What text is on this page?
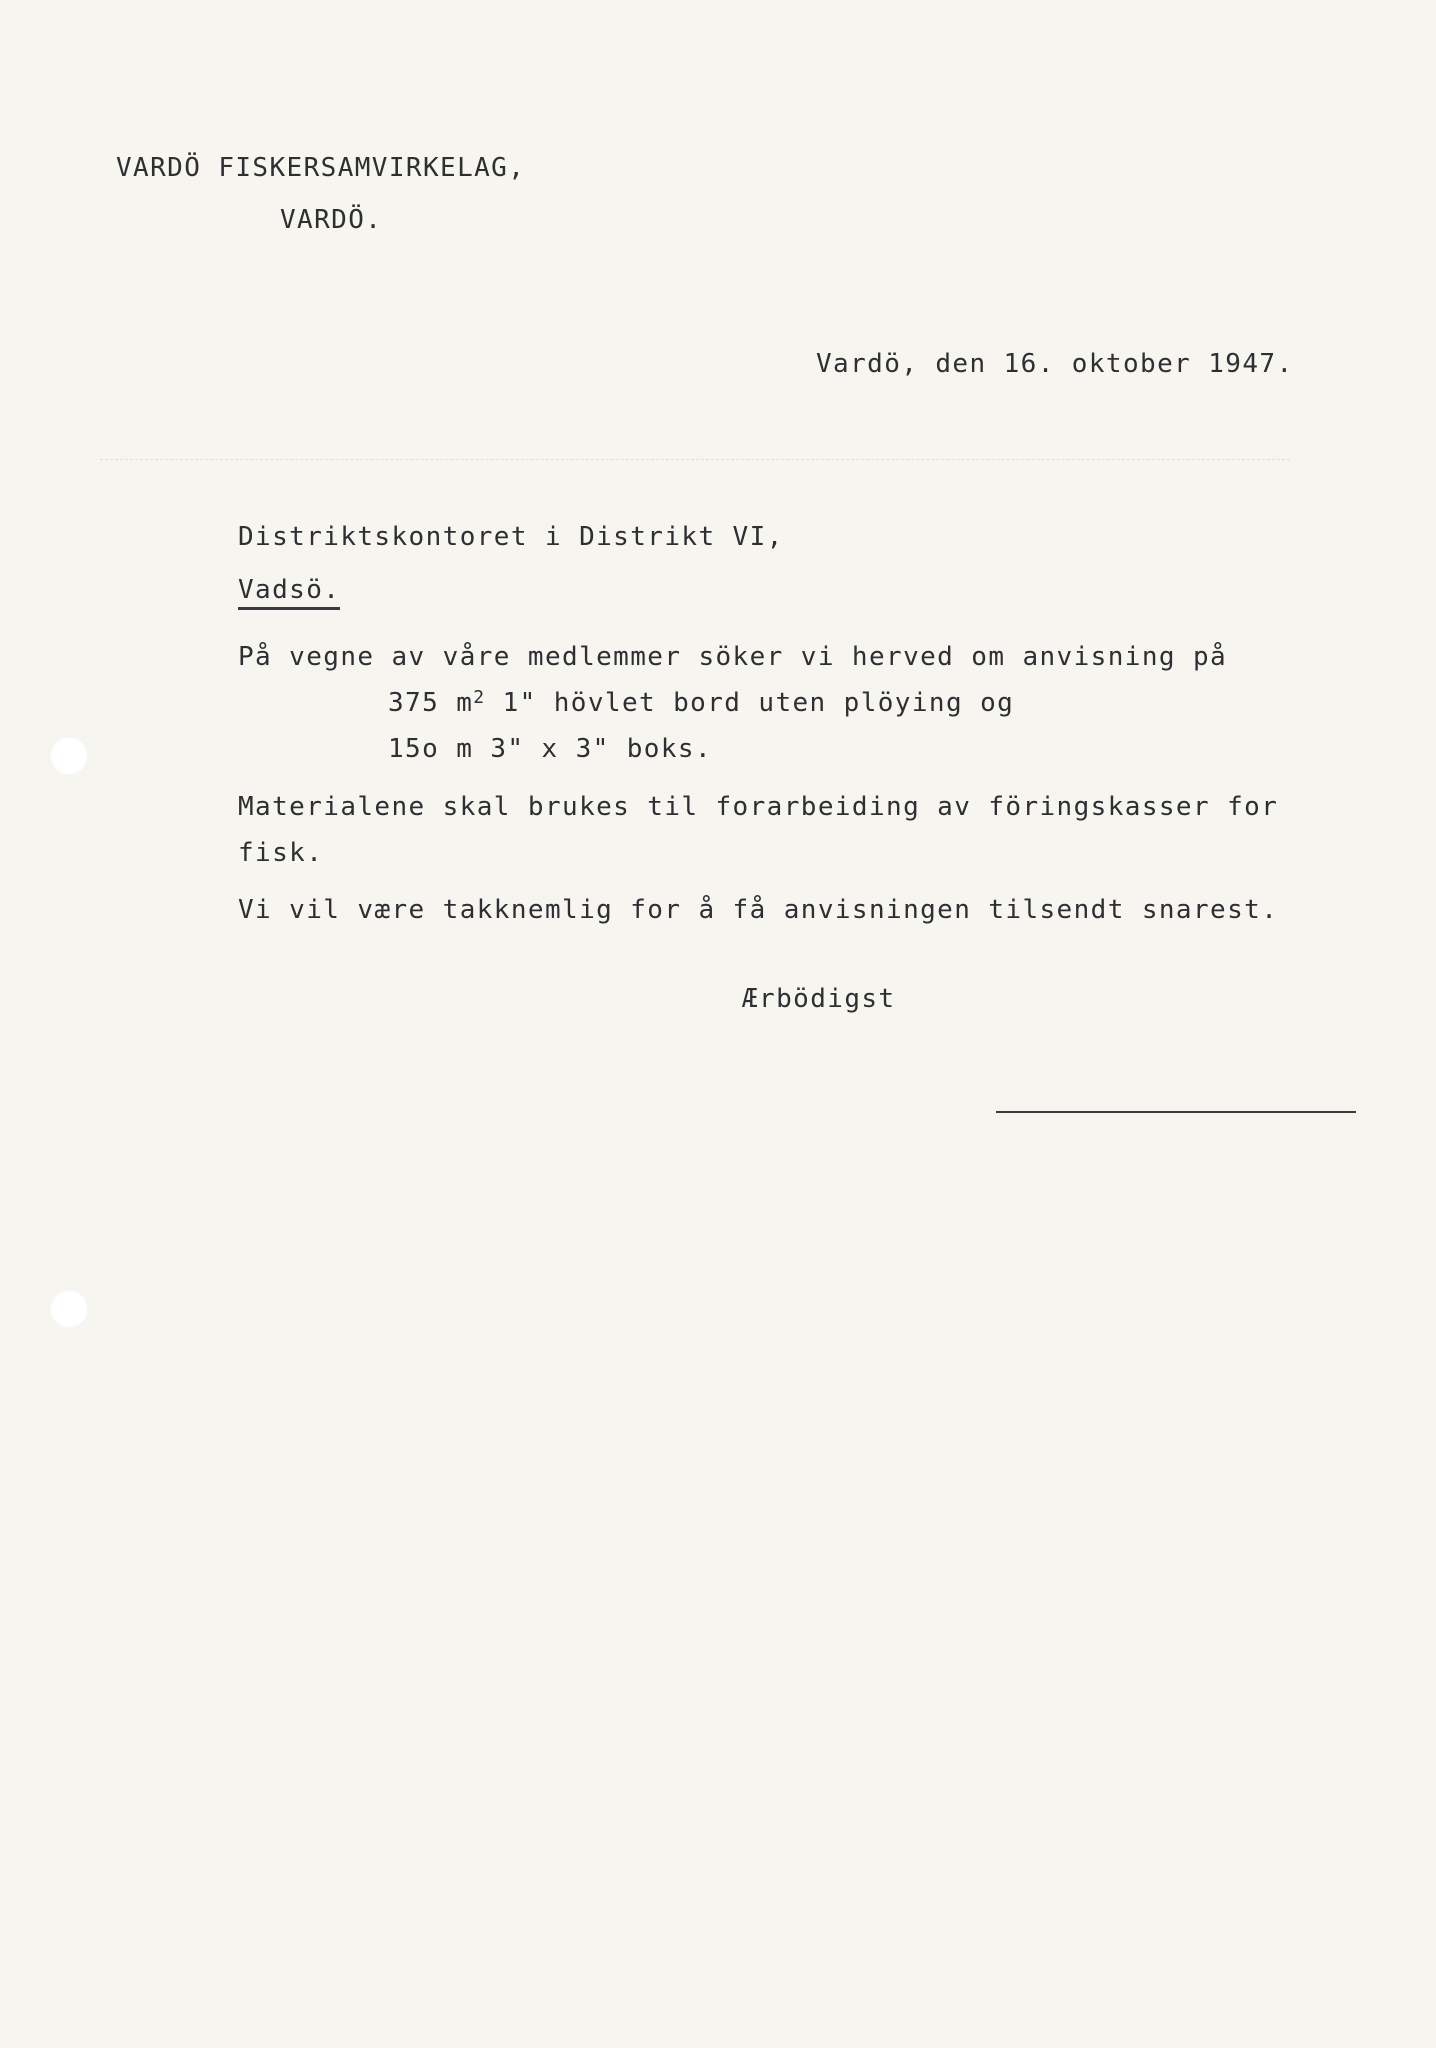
VARDÖ FISKERSAMVIRKELAG,
VARDÖ.
Vardö, den 16. oktober 1947.
Distriktskontoret i Distrikt VI,
Vadsö.
På vegne av våre medlemmer söker vi herved om anvisning på
375 $m^2$ 1" hövlet bord uten plöying og
15o m 3" x 3" boks.
Materialene skal brukes til forarbeiding av föringskasser for
fisk.
Vi vil være takknemlig for å få anvisningen tilsendt snarest.
Ærbödigst
